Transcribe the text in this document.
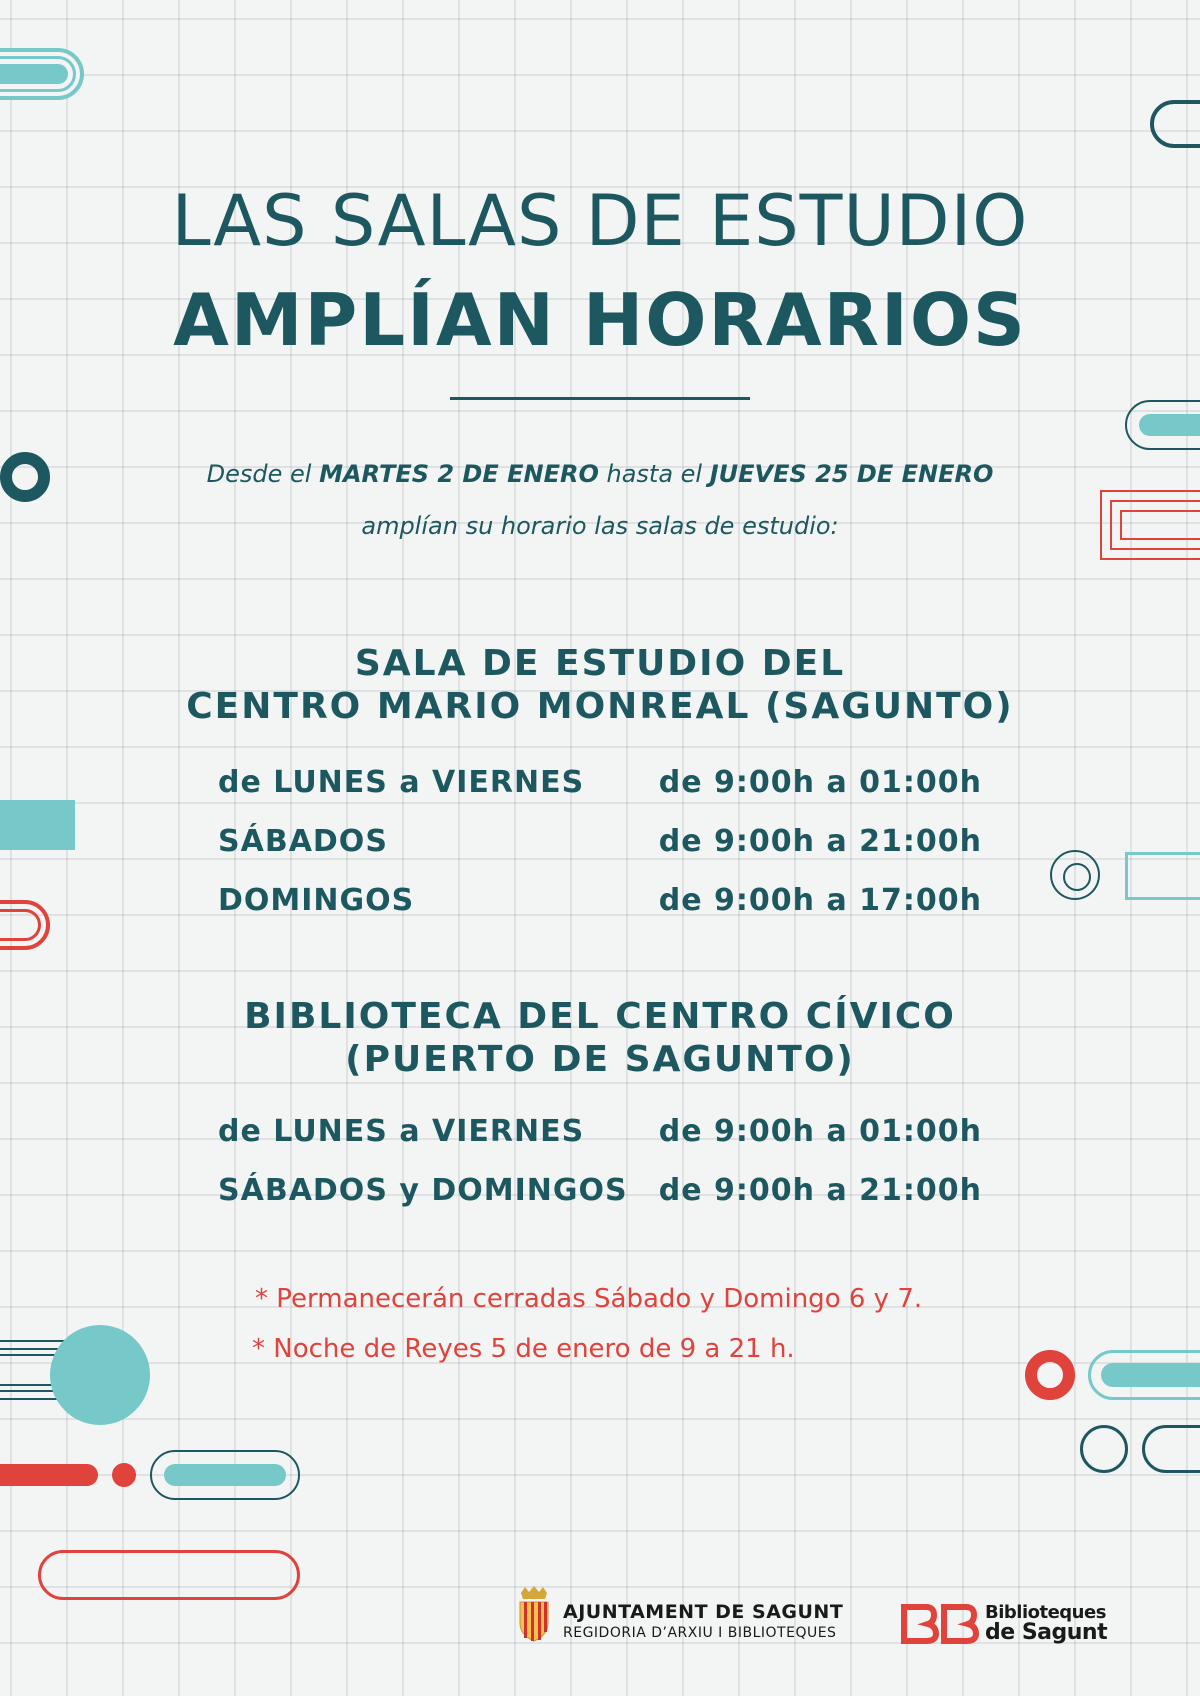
LAS SALAS DE ESTUDIO
AMPLÍAN HORARIOS
Desde el MARTES 2 DE ENERO hasta el JUEVES 25 DE ENERO
amplían su horario las salas de estudio:
SALA DE ESTUDIO DEL
CENTRO MARIO MONREAL (SAGUNTO)
de LUNES a VIERNES de 9:00h a 01:00h
SÁBADOS	de 9:00h a 21:00h
DOMINGOS	de 9:00h a 17:00h
BIBLIOTECA DEL CENTRO CÍVICO
(PUERTO DE SAGUNTO)
de LUNES a VIERNES de 9:00h a 01:00h
SÁBADOS y DOMINGOS de 9:00h a 21:00h
* Permanecerán cerradas Sábado y Domingo 6 y 7.
* Noche de Reyes 5 de enero de 9 a 21 h.
AJUNTAMENT DE SAGUNT
REGIDORIA D’ARXIU I BIBLIOTEQUES
Biblioteques
de Sagunt
